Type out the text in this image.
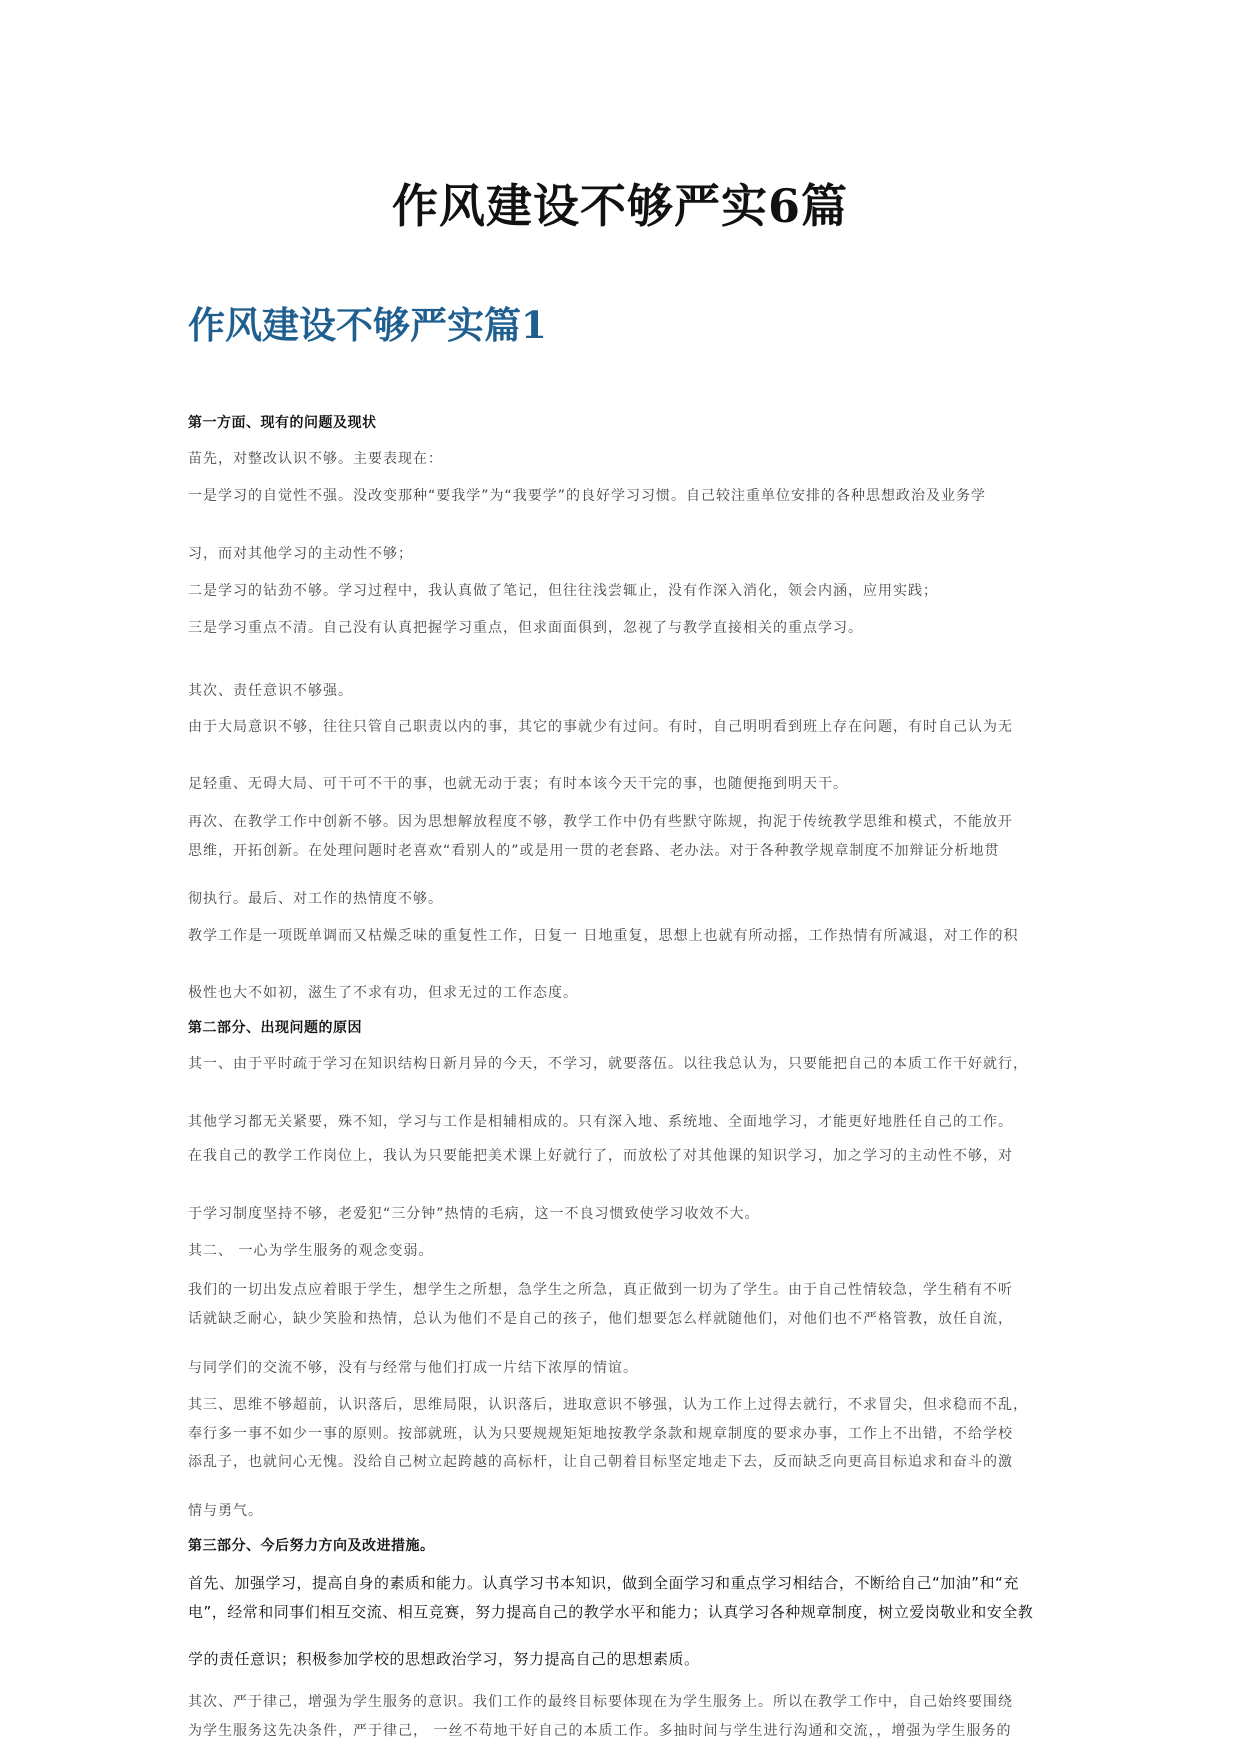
作风建设不够严实6篇
作风建设不够严实篇1
第一方面、现有的问题及现状
苗先，对整改认识不够。主要表现在：
一是学习的自觉性不强。没改变那种“要我学”为“我要学”的良好学习习惯。自己较注重单位安排的各种思想政治及业务学
习，而对其他学习的主动性不够；
二是学习的钻劲不够。学习过程中，我认真做了笔记，但往往浅尝辄止，没有作深入消化，领会内涵，应用实践；
三是学习重点不清。自己没有认真把握学习重点，但求面面俱到，忽视了与教学直接相关的重点学习。
其次、责任意识不够强。
由于大局意识不够，往往只管自己职责以内的事，其它的事就少有过问。有时，自己明明看到班上存在问题，有时自己认为无
足轻重、无碍大局、可干可不干的事，也就无动于衷；有时本该今天干完的事，也随便拖到明天干。
再次、在教学工作中创新不够。因为思想解放程度不够，教学工作中仍有些默守陈规，拘泥于传统教学思维和模式，不能放开
思维，开拓创新。在处理问题时老喜欢“看别人的”或是用一贯的老套路、老办法。对于各种教学规章制度不加辩证分析地贯
彻执行。最后、对工作的热情度不够。
教学工作是一项既单调而又枯燥乏味的重复性工作，日复一 日地重复，思想上也就有所动摇，工作热情有所减退，对工作的积
极性也大不如初，滋生了不求有功，但求无过的工作态度。
第二部分、出现问题的原因
其一、由于平时疏于学习在知识结构日新月异的今天，不学习，就要落伍。以往我总认为，只要能把自己的本质工作干好就行，
其他学习都无关紧要，殊不知，学习与工作是相辅相成的。只有深入地、系统地、全面地学习，才能更好地胜任自己的工作。
在我自己的教学工作岗位上，我认为只要能把美术课上好就行了，而放松了对其他课的知识学习，加之学习的主动性不够，对
于学习制度坚持不够，老爱犯“三分钟”热情的毛病，这一不良习惯致使学习收效不大。
其二、 一心为学生服务的观念变弱。
我们的一切出发点应着眼于学生，想学生之所想，急学生之所急，真正做到一切为了学生。由于自己性情较急，学生稍有不听
话就缺乏耐心，缺少笑脸和热情，总认为他们不是自己的孩子，他们想要怎么样就随他们，对他们也不严格管教，放任自流，
与同学们的交流不够，没有与经常与他们打成一片结下浓厚的情谊。
其三、思维不够超前，认识落后，思维局限，认识落后，进取意识不够强，认为工作上过得去就行，不求冒尖，但求稳而不乱，
奉行多一事不如少一事的原则。按部就班，认为只要规规矩矩地按教学条款和规章制度的要求办事，工作上不出错，不给学校
添乱子，也就问心无愧。没给自己树立起跨越的高标杆，让自己朝着目标坚定地走下去，反而缺乏向更高目标追求和奋斗的激
情与勇气。
第三部分、今后努力方向及改进措施。
首先、加强学习，提高自身的素质和能力。认真学习书本知识，做到全面学习和重点学习相结合，不断给自己“加油”和“充
电”，经常和同事们相互交流、相互竞赛，努力提高自己的教学水平和能力；认真学习各种规章制度，树立爱岗敬业和安全教
学的责任意识；积极参加学校的思想政治学习，努力提高自己的思想素质。
其次、严于律己，增强为学生服务的意识。我们工作的最终目标要体现在为学生服务上。所以在教学工作中，自己始终要围绕
为学生服务这先决条件，严于律己， 一丝不苟地干好自己的本质工作。多抽时间与学生进行沟通和交流，，增强为学生服务的
